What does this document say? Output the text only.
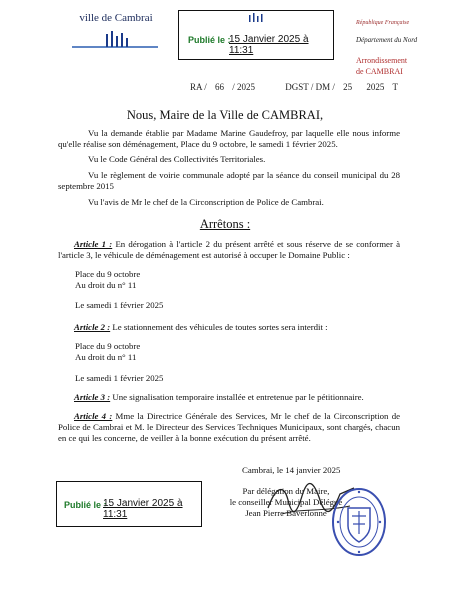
ville de Cambrai
Publié le :
15 Janvier 2025 à 11:31
République Française
Département du Nord
Arrondissement
de CAMBRAI
RA / 66 / 2025	DGST / DM / 25 2025 T
Nous, Maire de la Ville de CAMBRAI,
Vu la demande établie par Madame Marine Gaudefroy, par laquelle elle nous informe qu'elle réalise son déménagement, Place du 9 octobre, le samedi 1 février 2025.
Vu le Code Général des Collectivités Territoriales.
Vu le règlement de voirie communale adopté par la séance du conseil municipal du 28 septembre 2015
Vu l'avis de Mr le chef de la Circonscription de Police de Cambrai.
Arrêtons :
Article 1 : En dérogation à l'article 2 du présent arrêté et sous réserve de se conformer à l'article 3, le véhicule de déménagement est autorisé à occuper le Domaine Public :
Place du 9 octobre
Au droit du n° 11
Le samedi 1 février 2025
Article 2 : Le stationnement des véhicules de toutes sortes sera interdit :
Place du 9 octobre
Au droit du n° 11
Le samedi 1 février 2025
Article 3 : Une signalisation temporaire installée et entretenue par le pétitionnaire.
Article 4 : Mme la Directrice Générale des Services, Mr le chef de la Circonscription de Police de Cambrai et M. le Directeur des Services Techniques Municipaux, sont chargés, chacun en ce qui les concerne, de veiller à la bonne exécution du présent arrêté.
Cambrai, le 14 janvier 2025
Par délégation du Maire,
le conseiller Municipal Délégué
Jean Pierre Baverlonne
Publié le :
15 Janvier 2025 à 11:31
